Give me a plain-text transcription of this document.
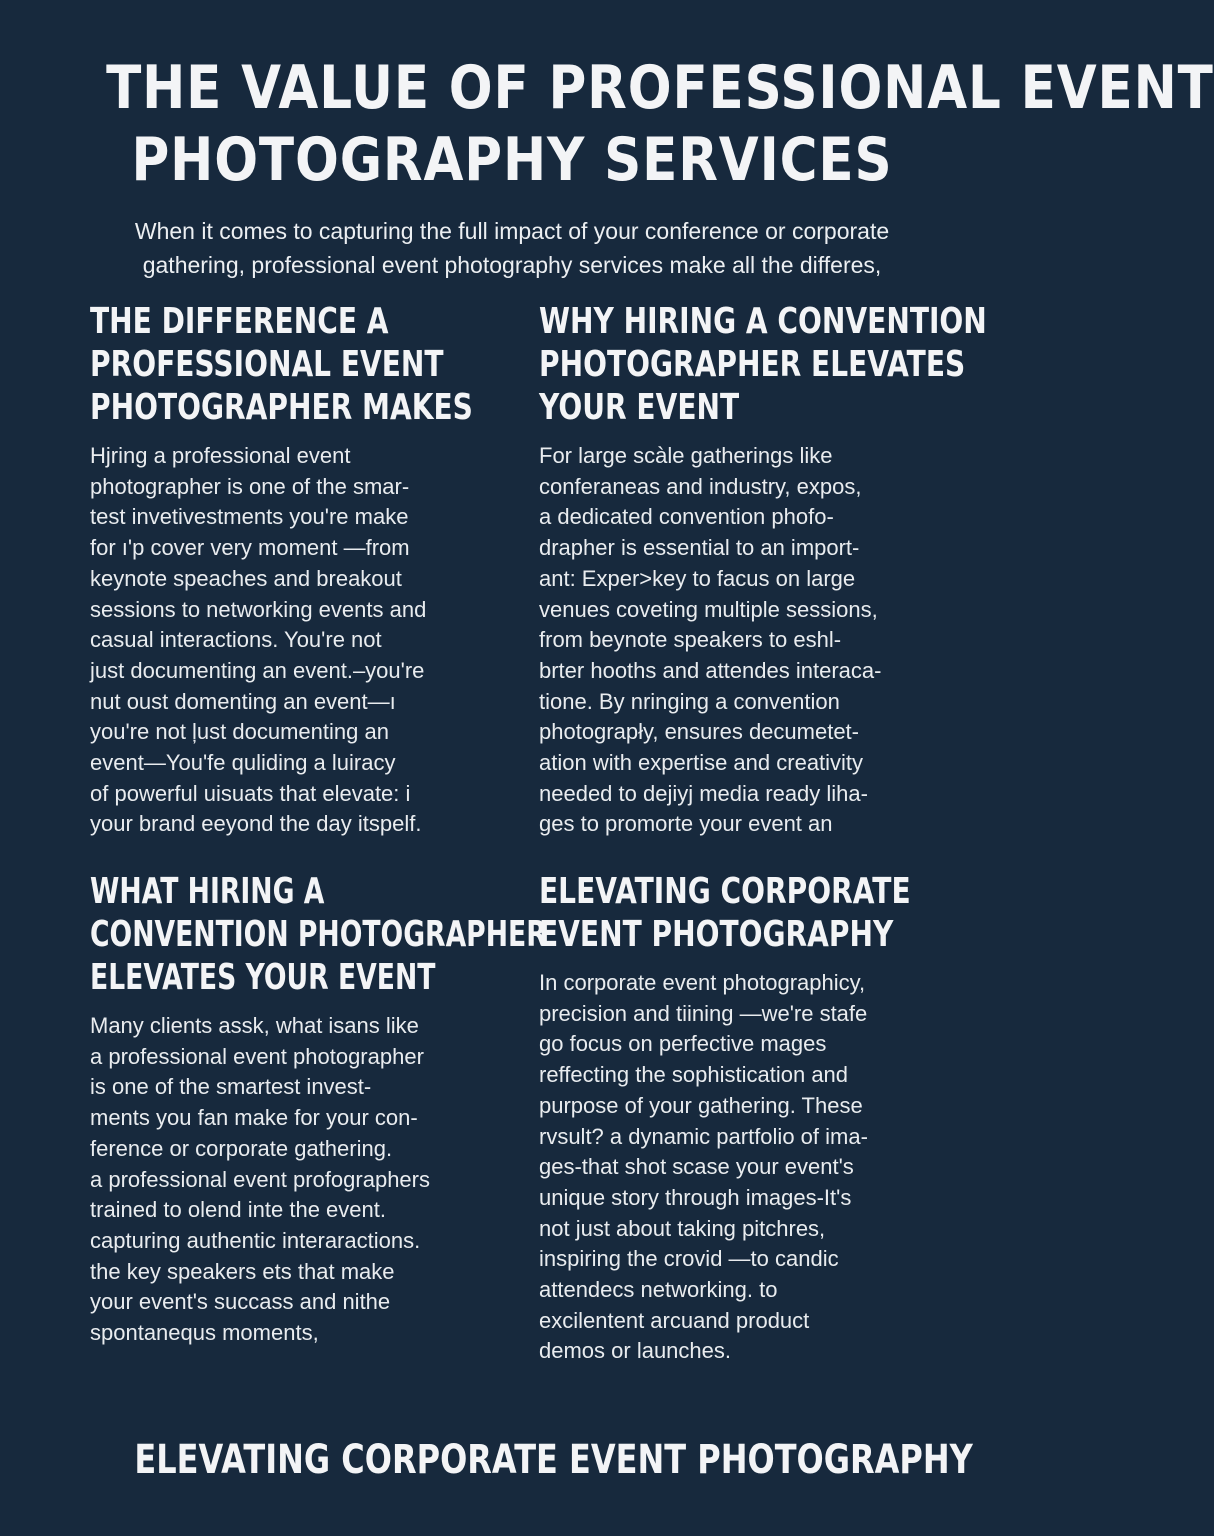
THE VALUE OF PROFESSIONAL EVENT
PHOTOGRAPHY SERVICES

When it comes to capturing the full impact of your conference or corporate
gathering, professional event photography services make all the differes,

THE DIFFERENCE A
PROFESSIONAL EVENT
PHOTOGRAPHER MAKES

Hjring a professional event
photographer is one of the smar-
test invetivestments you're make
for ı'p cover very moment —from
keynote speaches and breakout
sessions to networking events and
casual interactions. You're not
just documenting an event.–you're
nut oust domenting an event—ı
you're not ļust documenting an
event—You'fe quliding a luiracy
of powerful uisuats that elevate: i
your brand eeyond the day itspelf.

WHY HIRING A CONVENTION
PHOTOGRAPHER ELEVATES
YOUR EVENT

For large scàle gatherings like
conferaneas and industry, expos,
a dedicated convention phofo-
drapher is essential to an import-
ant: Exper>key to facus on large
venues coveting multiple sessions,
from beynote speakers to eshl-
brter hooths and attendes interaca-
tione. By nringing a convention
photograpły, ensures decumetet-
ation with expertise and creativity
needed to dejiyj media ready liha-
ges to promorte your event an

WHAT HIRING A
CONVENTION PHOTOGRAPHER
ELEVATES YOUR EVENT

Many clients assk, what isans like
a professional event photographer
is one of the smartest invest-
ments you fan make for your con-
ference or corporate gathering.
a professional event profographers
trained to olend inte the event.
capturing authentic interaractions.
the key speakers ets that make
your event's succass and nithe
spontanequs moments,

ELEVATING CORPORATE
EVENT PHOTOGRAPHY

In corporate event photographicy,
precision and tiining —we're stafe
go focus on perfective mages
reffecting the sophistication and
purpose of your gathering. These
rvsult? a dynamic partfolio of ima-
ges-that shot scase your event's
unique story through images-It's
not just about taking pitchres,
inspiring the crovid —to candic
attendecs networking. to
excilentent arcuand product
demos or launches.

ELEVATING CORPORATE EVENT PHOTOGRAPHY
